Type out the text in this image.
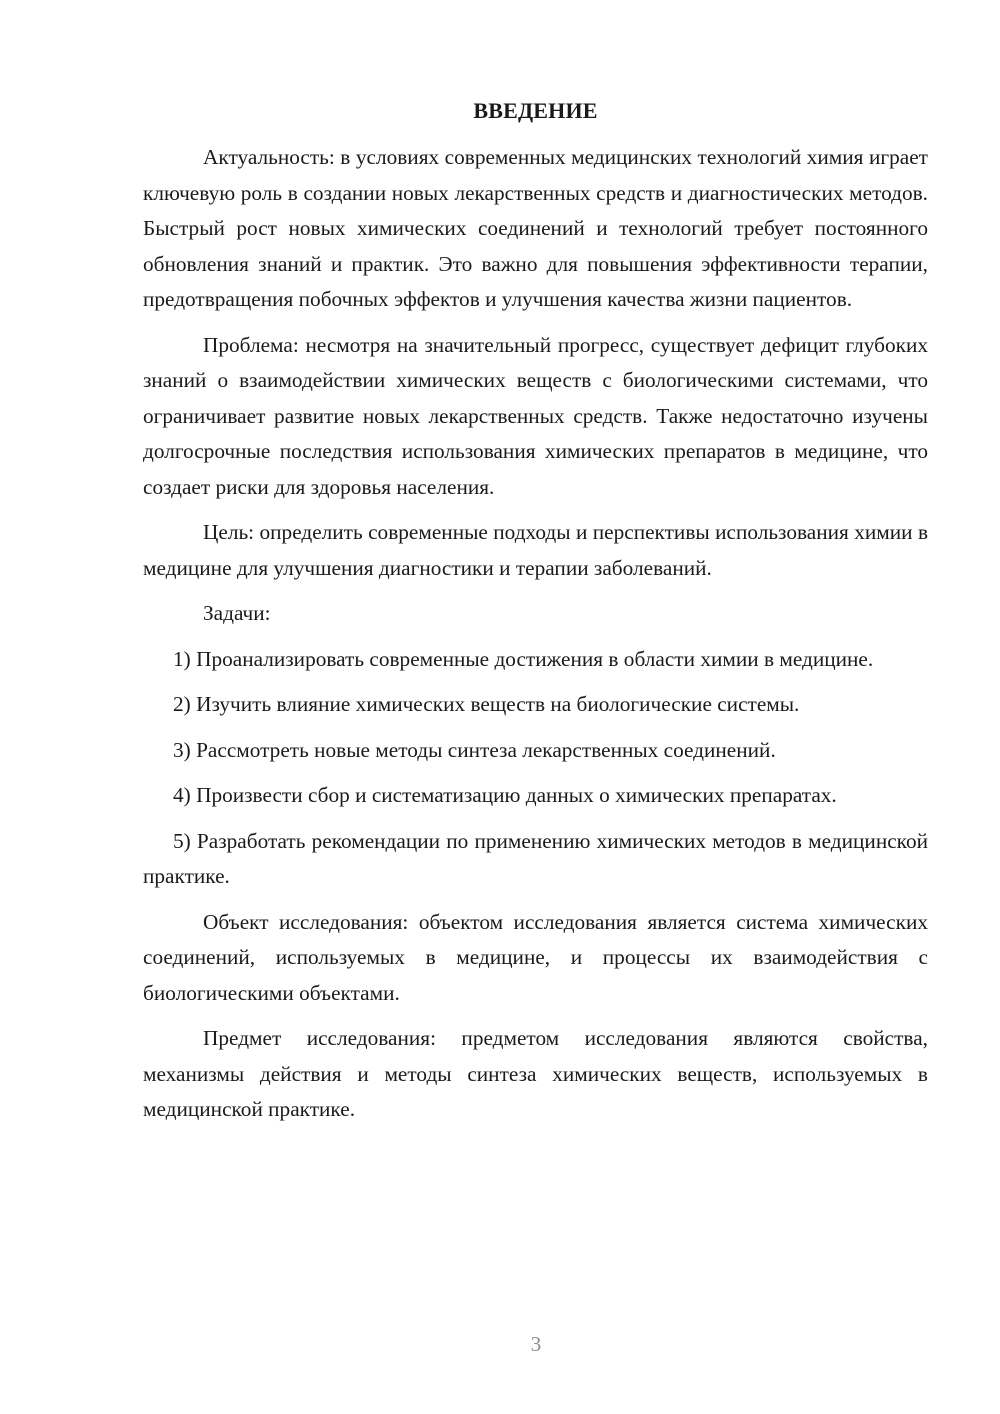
ВВЕДЕНИЕ

Актуальность: в условиях современных медицинских технологий химия играет ключевую роль в создании новых лекарственных средств и диагностических методов. Быстрый рост новых химических соединений и технологий требует постоянного обновления знаний и практик. Это важно для повышения эффективности терапии, предотвращения побочных эффектов и улучшения качества жизни пациентов.

Проблема: несмотря на значительный прогресс, существует дефицит глубоких знаний о взаимодействии химических веществ с биологическими системами, что ограничивает развитие новых лекарственных средств. Также недостаточно изучены долгосрочные последствия использования химических препаратов в медицине, что создает риски для здоровья населения.

Цель: определить современные подходы и перспективы использования химии в медицине для улучшения диагностики и терапии заболеваний.

Задачи:

1) Проанализировать современные достижения в области химии в медицине.

2) Изучить влияние химических веществ на биологические системы.

3) Рассмотреть новые методы синтеза лекарственных соединений.

4) Произвести сбор и систематизацию данных о химических препаратах.

5) Разработать рекомендации по применению химических методов в медицинской практике.

Объект исследования: объектом исследования является система химических соединений, используемых в медицине, и процессы их взаимодействия с биологическими объектами.

Предмет исследования: предметом исследования являются свойства, механизмы действия и методы синтеза химических веществ, используемых в медицинской практике.

3
